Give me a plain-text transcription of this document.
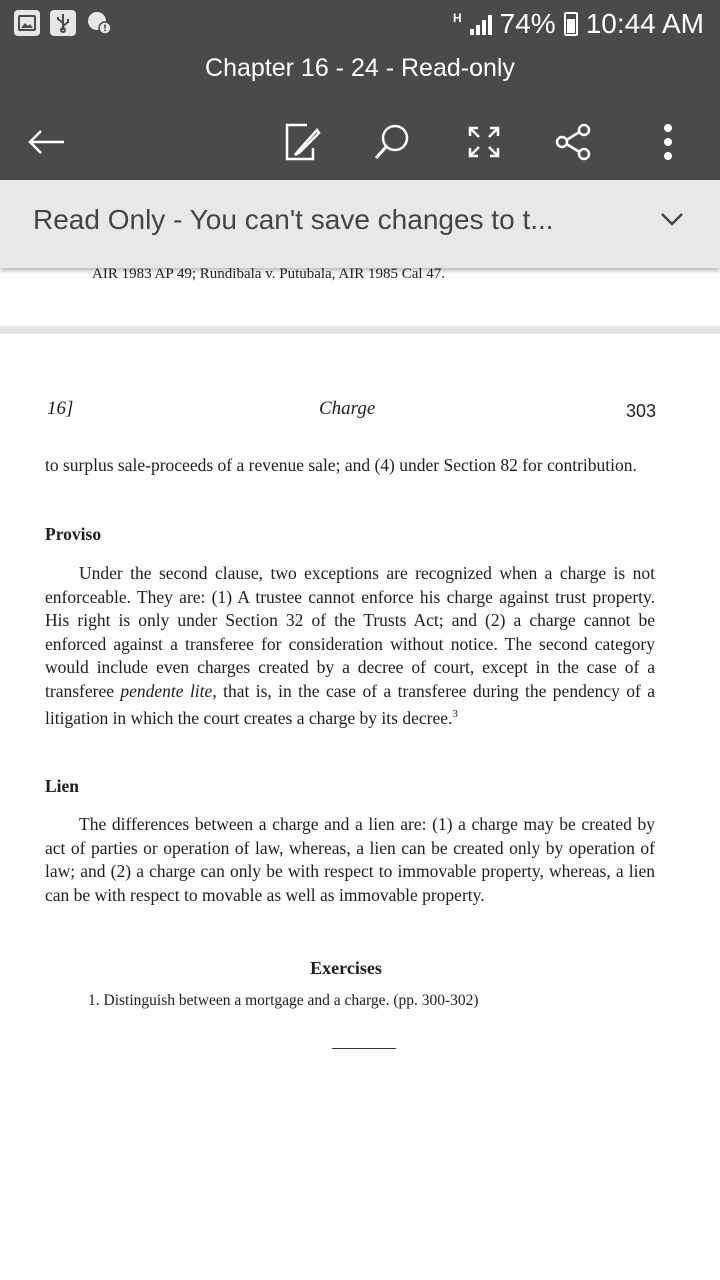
H 74% 10:44 AM
Chapter 16 - 24 - Read-only
Read Only - You can't save changes to t...
AIR 1983 AP 49; Rundibala v. Putubala, AIR 1985 Cal 47.
16]	Charge	303
to surplus sale-proceeds of a revenue sale; and (4) under Section 82 for contribution.
Proviso
Under the second clause, two exceptions are recognized when a charge is not enforceable. They are: (1) A trustee cannot enforce his charge against trust property. His right is only under Section 32 of the Trusts Act; and (2) a charge cannot be enforced against a transferee for consideration without notice. The second category would include even charges created by a decree of court, except in the case of a transferee pendente lite, that is, in the case of a transferee during the pendency of a litigation in which the court creates a charge by its decree.$^3$
Lien
The differences between a charge and a lien are: (1) a charge may be created by act of parties or operation of law, whereas, a lien can be created only by operation of law; and (2) a charge can only be with respect to immovable property, whereas, a lien can be with respect to movable as well as immovable property.
Exercises
1. Distinguish between a mortgage and a charge. (pp. 300-302)
